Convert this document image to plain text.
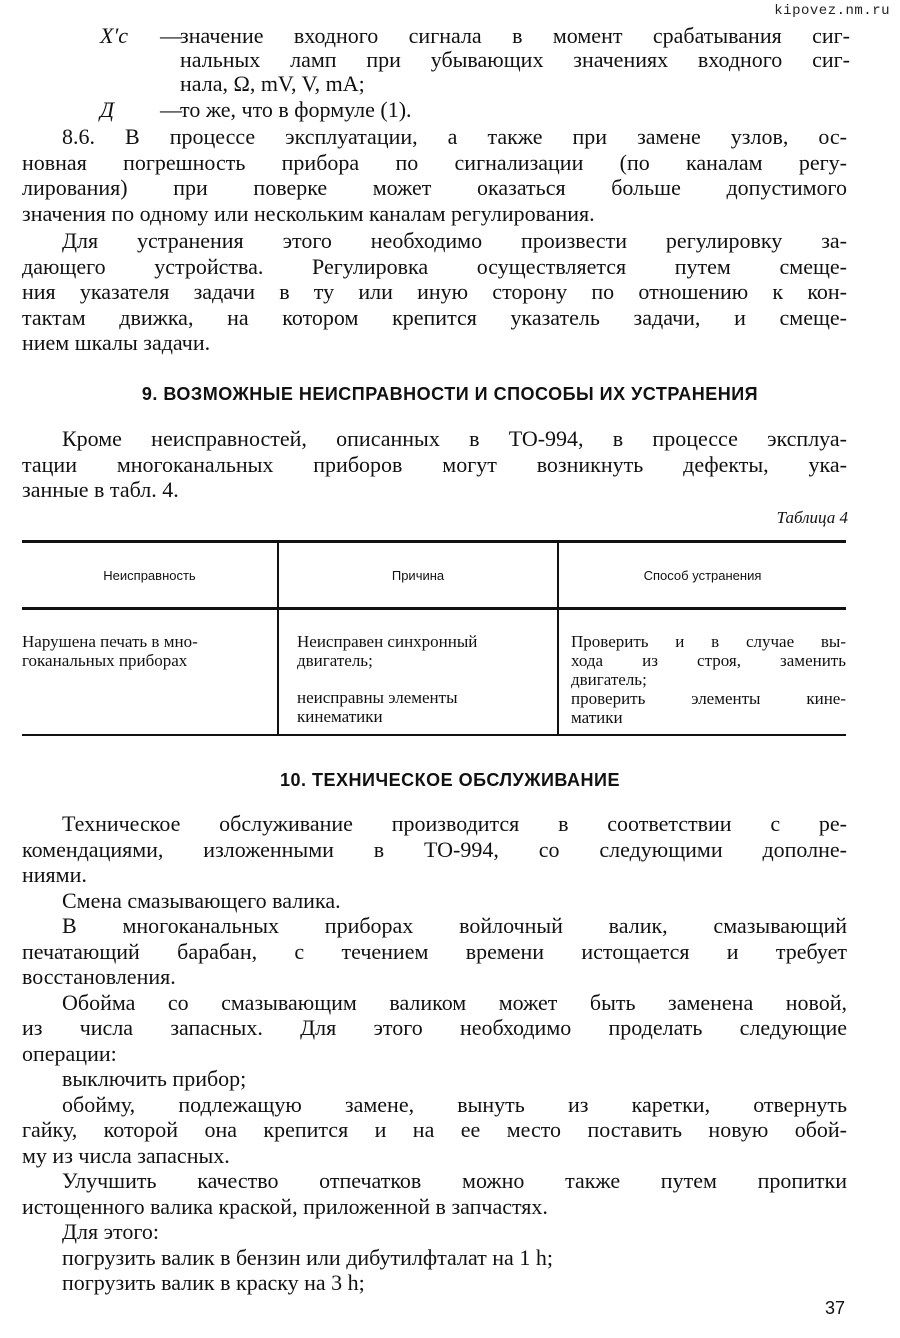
kipovez.nm.ru
X′с	—
значение входного сигнала в момент срабатывания сиг-
нальных ламп при убывающих значениях входного сиг-
нала, Ω, mV, V, mA;
Д	—
то же, что в формуле (1).
8.6. В процессе эксплуатации, а также при замене узлов, ос-
новная погрешность прибора по сигнализации (по каналам регу-
лирования) при поверке может оказаться больше допустимого
значения по одному или нескольким каналам регулирования.
Для устранения этого необходимо произвести регулировку за-
дающего устройства. Регулировка осуществляется путем смеще-
ния указателя задачи в ту или иную сторону по отношению к кон-
тактам движка, на котором крепится указатель задачи, и смеще-
нием шкалы задачи.
9. ВОЗМОЖНЫЕ НЕИСПРАВНОСТИ И СПОСОБЫ ИХ УСТРАНЕНИЯ
Кроме неисправностей, описанных в ТО-994, в процессе эксплуа-
тации многоканальных приборов могут возникнуть дефекты, ука-
занные в табл. 4.
Таблица 4
Неисправность	Причина	Способ устранения

Нарушена печать в мно-
гоканальных приборах	Неисправен синхронный
двигатель;
неисправны элементы
кинематики	Проверить и в случае вы-
хода из строя, заменить
двигатель;
проверить элементы кине-
матики
10. ТЕХНИЧЕСКОЕ ОБСЛУЖИВАНИЕ
Техническое обслуживание производится в соответствии с ре-
комендациями, изложенными в ТО-994, со следующими дополне-
ниями.
Смена смазывающего валика.
В многоканальных приборах войлочный валик, смазывающий
печатающий барабан, с течением времени истощается и требует
восстановления.
Обойма со смазывающим валиком может быть заменена новой,
из числа запасных. Для этого необходимо проделать следующие
операции:
выключить прибор;
обойму, подлежащую замене, вынуть из каретки, отвернуть
гайку, которой она крепится и на ее место поставить новую обой-
му из числа запасных.
Улучшить качество отпечатков можно также путем пропитки
истощенного валика краской, приложенной в запчастях.
Для этого:
погрузить валик в бензин или дибутилфталат на 1 h;
погрузить валик в краску на 3 h;
37
